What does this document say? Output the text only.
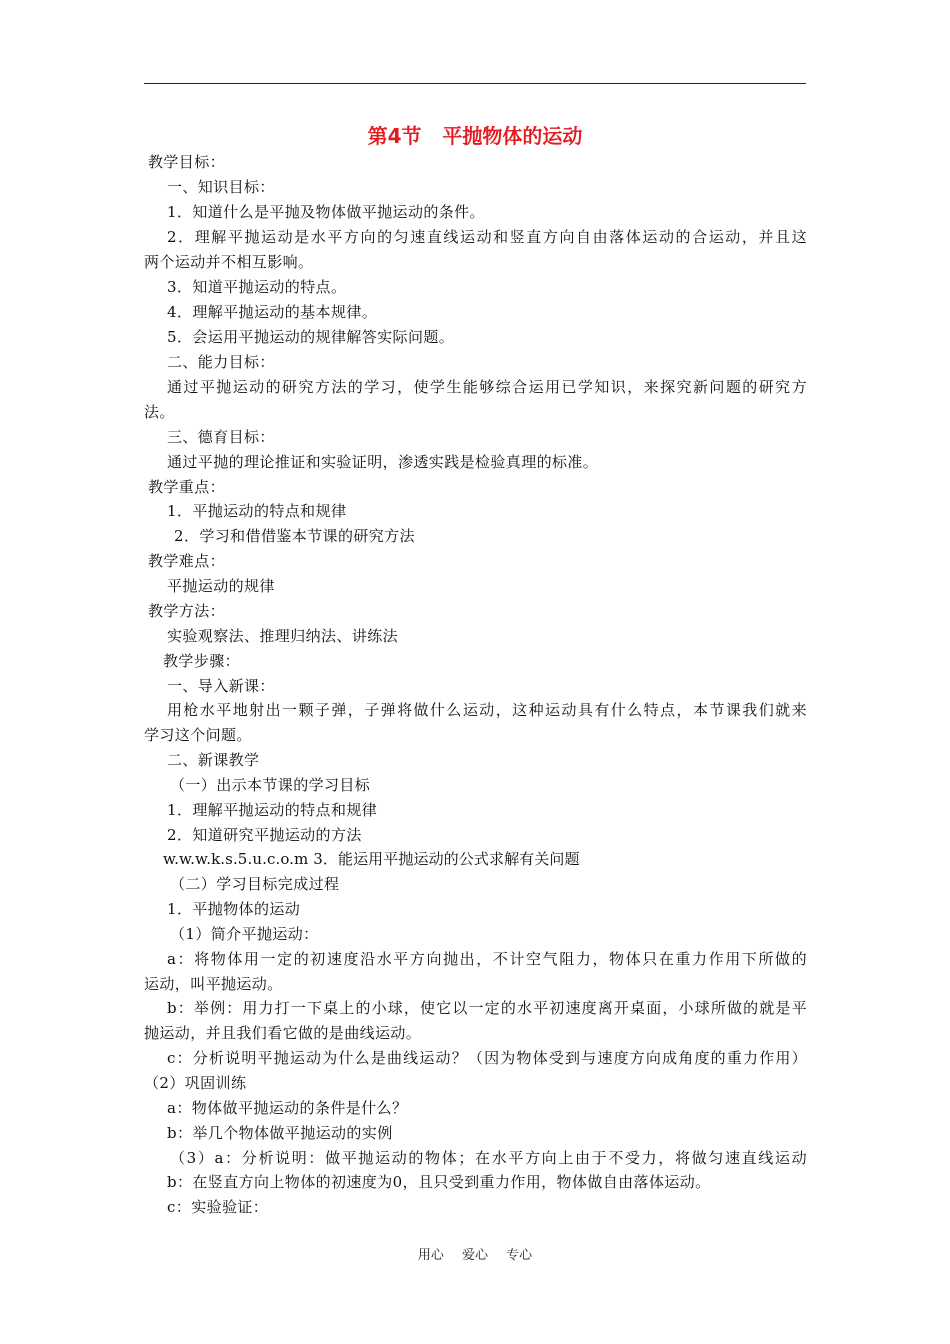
第4节   平抛物体的运动
教学目标：
一、知识目标：
1．知道什么是平抛及物体做平抛运动的条件。
2．理解平抛运动是水平方向的匀速直线运动和竖直方向自由落体运动的合运动，并且这
两个运动并不相互影响。
3．知道平抛运动的特点。
4．理解平抛运动的基本规律。
5．会运用平抛运动的规律解答实际问题。
二、能力目标：
通过平抛运动的研究方法的学习，使学生能够综合运用已学知识，来探究新问题的研究方
法。
三、德育目标：
通过平抛的理论推证和实验证明，渗透实践是检验真理的标准。
教学重点：
1．平抛运动的特点和规律
2．学习和借借鉴本节课的研究方法
教学难点：
平抛运动的规律
教学方法：
实验观察法、推理归纳法、讲练法
教学步骤：
一、导入新课：
用枪水平地射出一颗子弹，子弹将做什么运动，这种运动具有什么特点，本节课我们就来
学习这个问题。
二、新课教学
（一）出示本节课的学习目标
1．理解平抛运动的特点和规律
2．知道研究平抛运动的方法
w.w.w.k.s.5.u.c.o.m 3．能运用平抛运动的公式求解有关问题
（二）学习目标完成过程
1．平抛物体的运动
（1）简介平抛运动：
a：将物体用一定的初速度沿水平方向抛出，不计空气阻力，物体只在重力作用下所做的
运动，叫平抛运动。
b：举例：用力打一下桌上的小球，使它以一定的水平初速度离开桌面，小球所做的就是平
抛运动，并且我们看它做的是曲线运动。
c：分析说明平抛运动为什么是曲线运动？（因为物体受到与速度方向成角度的重力作用）
（2）巩固训练
a：物体做平抛运动的条件是什么？
b：举几个物体做平抛运动的实例
（3）a：分析说明：做平抛运动的物体；在水平方向上由于不受力，将做匀速直线运动
b：在竖直方向上物体的初速度为0，且只受到重力作用，物体做自由落体运动。
c：实验验证：
用心 爱心 专心
